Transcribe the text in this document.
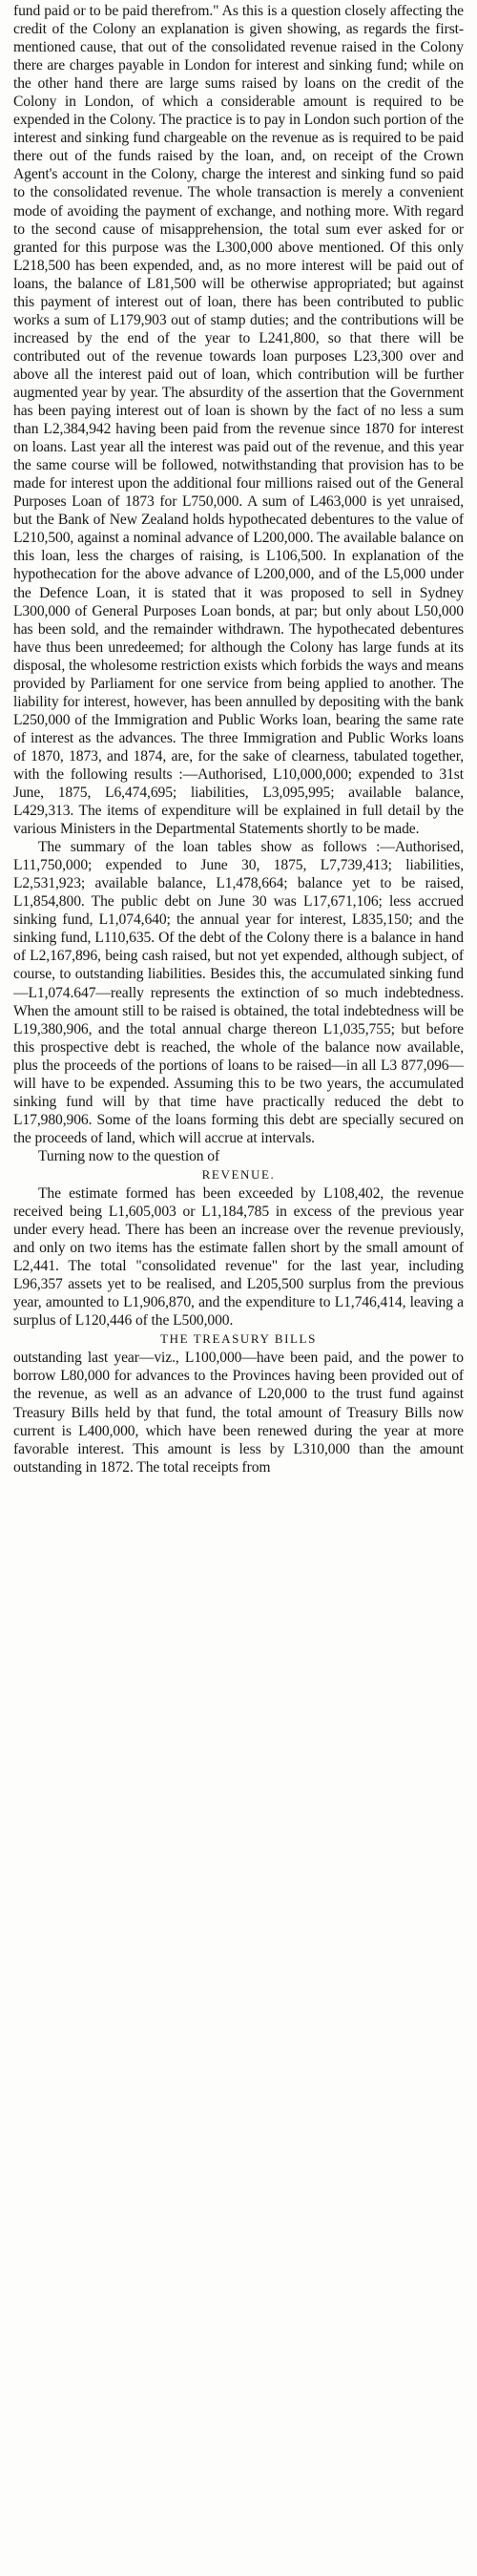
fund paid or to be paid therefrom." As this is a question closely affecting the credit of the Colony an explanation is given showing, as regards the first-mentioned cause, that out of the consolidated revenue raised in the Colony there are charges payable in London for interest and sinking fund; while on the other hand there are large sums raised by loans on the credit of the Colony in London, of which a considerable amount is required to be expended in the Colony. The practice is to pay in London such portion of the interest and sinking fund chargeable on the revenue as is required to be paid there out of the funds raised by the loan, and, on receipt of the Crown Agent's account in the Colony, charge the interest and sinking fund so paid to the consolidated revenue. The whole transaction is merely a convenient mode of avoiding the payment of exchange, and nothing more. With regard to the second cause of misapprehension, the total sum ever asked for or granted for this purpose was the L300,000 above mentioned. Of this only L218,500 has been expended, and, as no more interest will be paid out of loans, the balance of L81,500 will be otherwise appropriated; but against this payment of interest out of loan, there has been contributed to public works a sum of L179,903 out of stamp duties; and the contributions will be increased by the end of the year to L241,800, so that there will be contributed out of the revenue towards loan purposes L23,300 over and above all the interest paid out of loan, which contribution will be further augmented year by year. The absurdity of the assertion that the Government has been paying interest out of loan is shown by the fact of no less a sum than L2,384,942 having been paid from the revenue since 1870 for interest on loans. Last year all the interest was paid out of the revenue, and this year the same course will be followed, notwithstanding that provision has to be made for interest upon the additional four millions raised out of the General Purposes Loan of 1873 for L750,000. A sum of L463,000 is yet unraised, but the Bank of New Zealand holds hypothecated debentures to the value of L210,500, against a nominal advance of L200,000. The available balance on this loan, less the charges of raising, is L106,500. In explanation of the hypothecation for the above advance of L200,000, and of the L5,000 under the Defence Loan, it is stated that it was proposed to sell in Sydney L300,000 of General Purposes Loan bonds, at par; but only about L50,000 has been sold, and the remainder withdrawn. The hypothecated debentures have thus been unredeemed; for although the Colony has large funds at its disposal, the wholesome restriction exists which forbids the ways and means provided by Parliament for one service from being applied to another. The liability for interest, however, has been annulled by depositing with the bank L250,000 of the Immigration and Public Works loan, bearing the same rate of interest as the advances. The three Immigration and Public Works loans of 1870, 1873, and 1874, are, for the sake of clearness, tabulated together, with the following results :—Authorised, L10,000,000; expended to 31st June, 1875, L6,474,695; liabilities, L3,095,995; available balance, L429,313. The items of expenditure will be explained in full detail by the various Ministers in the Departmental Statements shortly to be made.

The summary of the loan tables show as follows :—Authorised, L11,750,000; expended to June 30, 1875, L7,739,413; liabilities, L2,531,923; available balance, L1,478,664; balance yet to be raised, L1,854,800. The public debt on June 30 was L17,671,106; less accrued sinking fund, L1,074,640; the annual year for interest, L835,150; and the sinking fund, L110,635. Of the debt of the Colony there is a balance in hand of L2,167,896, being cash raised, but not yet expended, although subject, of course, to outstanding liabilities. Besides this, the accumulated sinking fund—L1,074.647—really represents the extinction of so much indebtedness. When the amount still to be raised is obtained, the total indebtedness will be L19,380,906, and the total annual charge thereon L1,035,755; but before this prospective debt is reached, the whole of the balance now available, plus the proceeds of the portions of loans to be raised—in all L3 877,096—will have to be expended. Assuming this to be two years, the accumulated sinking fund will by that time have practically reduced the debt to L17,980,906. Some of the loans forming this debt are specially secured on the proceeds of land, which will accrue at intervals.

Turning now to the question of

REVENUE.

The estimate formed has been exceeded by L108,402, the revenue received being L1,605,003 or L1,184,785 in excess of the previous year under every head. There has been an increase over the revenue previously, and only on two items has the estimate fallen short by the small amount of L2,441. The total "consolidated revenue" for the last year, including L96,357 assets yet to be realised, and L205,500 surplus from the previous year, amounted to L1,906,870, and the expenditure to L1,746,414, leaving a surplus of L120,446 of the L500,000.

THE TREASURY BILLS

outstanding last year—viz., L100,000—have been paid, and the power to borrow L80,000 for advances to the Provinces having been provided out of the revenue, as well as an advance of L20,000 to the trust fund against Treasury Bills held by that fund, the total amount of Treasury Bills now current is L400,000, which have been renewed during the year at more favorable interest. This amount is less by L310,000 than the amount outstanding in 1872. The total receipts from
